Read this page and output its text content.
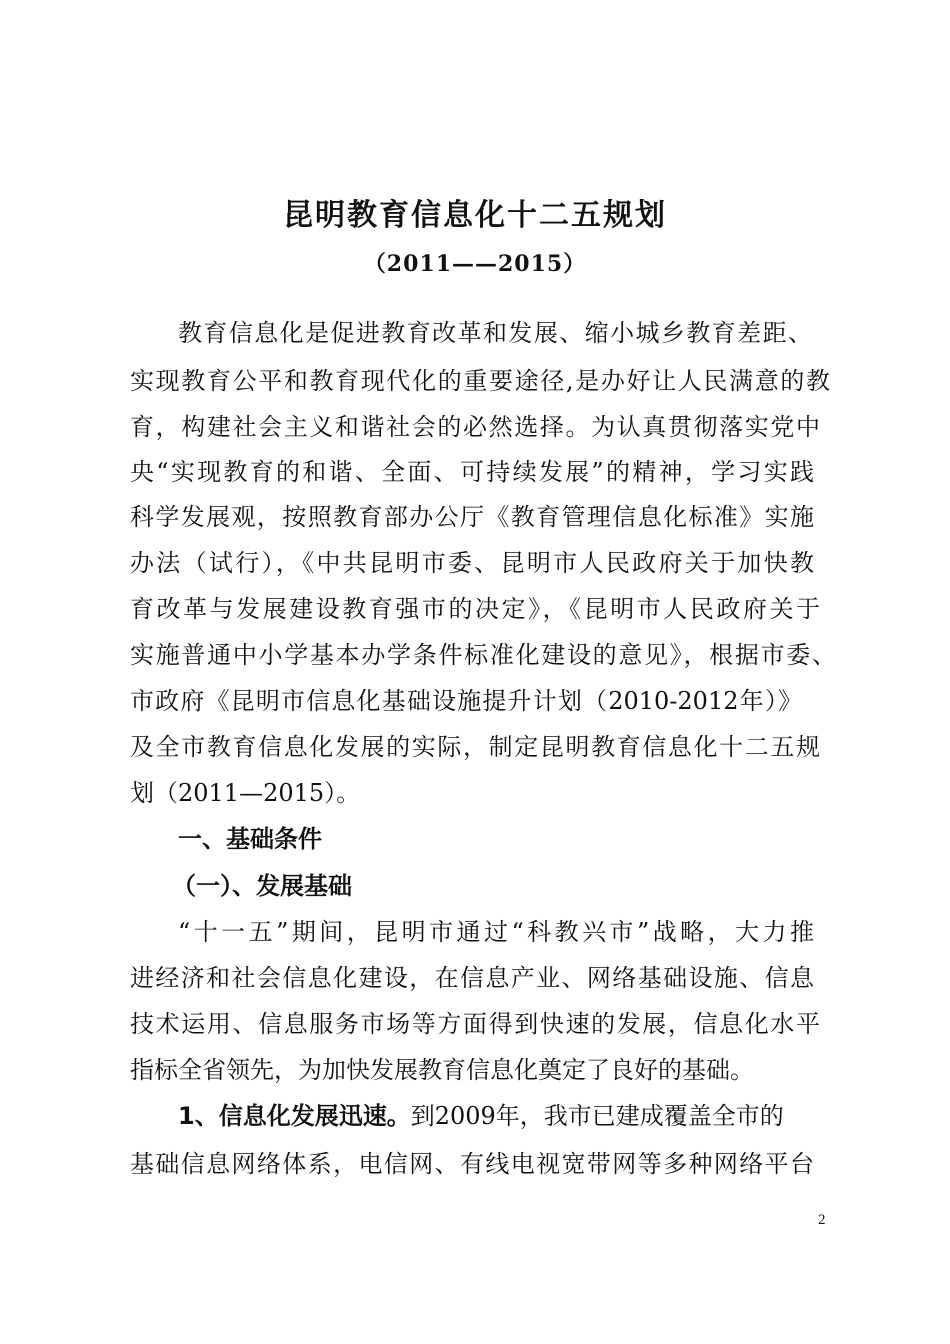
昆明教育信息化十二五规划
（2011——2015）
教育信息化是促进教育改革和发展、缩小城乡教育差距、
实现教育公平和教育现代化的重要途径,是办好让人民满意的教
育，构建社会主义和谐社会的必然选择。为认真贯彻落实党中
央“实现教育的和谐、全面、可持续发展”的精神，学习实践
科学发展观，按照教育部办公厅《教育管理信息化标准》实施
办法（试行），《中共昆明市委、昆明市人民政府关于加快教
育改革与发展建设教育强市的决定》，《昆明市人民政府关于
实施普通中小学基本办学条件标准化建设的意见》，根据市委、
市政府《昆明市信息化基础设施提升计划（2010-2012年）》
及全市教育信息化发展的实际，制定昆明教育信息化十二五规
划（2011—2015）。
一、基础条件
（一）、发展基础
“十一五”期间，昆明市通过“科教兴市”战略，大力推
进经济和社会信息化建设，在信息产业、网络基础设施、信息
技术运用、信息服务市场等方面得到快速的发展，信息化水平
指标全省领先，为加快发展教育信息化奠定了良好的基础。
1、信息化发展迅速。到2009年，我市已建成覆盖全市的
基础信息网络体系，电信网、有线电视宽带网等多种网络平台
2
